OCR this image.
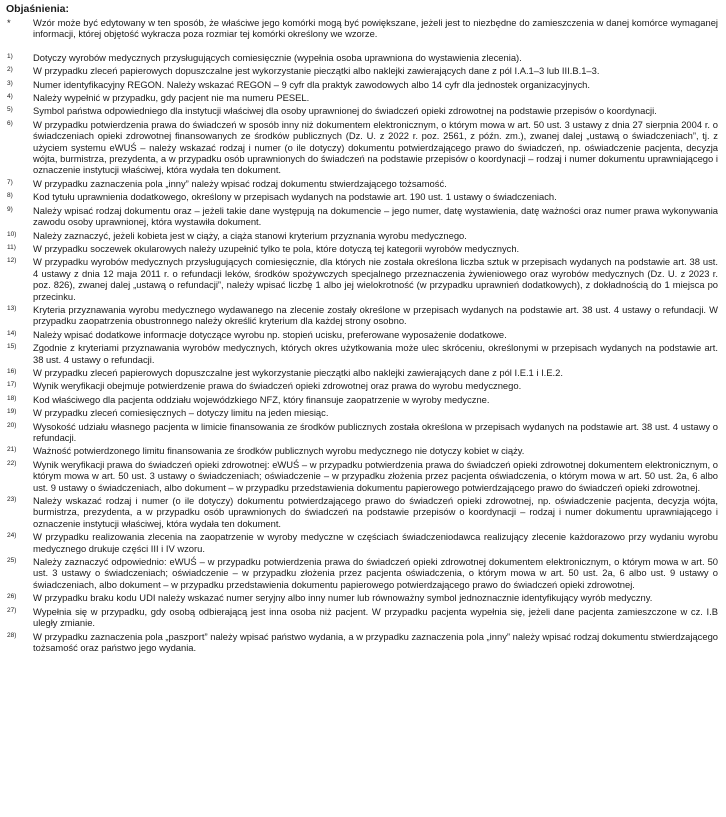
Objaśnienia:
*	Wzór może być edytowany w ten sposób, że właściwe jego komórki mogą być powiększane, jeżeli jest to niezbędne do zamieszczenia w danej komórce wymaganej informacji, której objętość wykracza poza rozmiar tej komórki określony we wzorze.
1)	Dotyczy wyrobów medycznych przysługujących comiesięcznie (wypełnia osoba uprawniona do wystawienia zlecenia).
2)	W przypadku zleceń papierowych dopuszczalne jest wykorzystanie pieczątki albo naklejki zawierających dane z pól I.A.1–3 lub III.B.1–3.
3)	Numer identyfikacyjny REGON. Należy wskazać REGON – 9 cyfr dla praktyk zawodowych albo 14 cyfr dla jednostek organizacyjnych.
4)	Należy wypełnić w przypadku, gdy pacjent nie ma numeru PESEL.
5)	Symbol państwa odpowiedniego dla instytucji właściwej dla osoby uprawnionej do świadczeń opieki zdrowotnej na podstawie przepisów o koordynacji.
6)	W przypadku potwierdzenia prawa do świadczeń w sposób inny niż dokumentem elektronicznym, o którym mowa w art. 50 ust. 3 ustawy z dnia 27 sierpnia 2004 r. o świadczeniach opieki zdrowotnej finansowanych ze środków publicznych (Dz. U. z 2022 r. poz. 2561, z późn. zm.), zwanej dalej „ustawą o świadczeniach”, tj. z użyciem systemu eWUŚ – należy wskazać rodzaj i numer (o ile dotyczy) dokumentu potwierdzającego prawo do świadczeń, np. oświadczenie pacjenta, decyzja wójta, burmistrza, prezydenta, a w przypadku osób uprawnionych do świadczeń na podstawie przepisów o koordynacji – rodzaj i numer dokumentu uprawniającego i oznaczenie instytucji właściwej, która wydała ten dokument.
7)	W przypadku zaznaczenia pola „inny” należy wpisać rodzaj dokumentu stwierdzającego tożsamość.
8)	Kod tytułu uprawnienia dodatkowego, określony w przepisach wydanych na podstawie art. 190 ust. 1 ustawy o świadczeniach.
9)	Należy wpisać rodzaj dokumentu oraz – jeżeli takie dane występują na dokumencie – jego numer, datę wystawienia, datę ważności oraz numer prawa wykonywania zawodu osoby uprawnionej, która wystawiła dokument.
10)	Należy zaznaczyć, jeżeli kobieta jest w ciąży, a ciąża stanowi kryterium przyznania wyrobu medycznego.
11)	W przypadku soczewek okularowych należy uzupełnić tylko te pola, które dotyczą tej kategorii wyrobów medycznych.
12)	W przypadku wyrobów medycznych przysługujących comiesięcznie, dla których nie została określona liczba sztuk w przepisach wydanych na podstawie art. 38 ust. 4 ustawy z dnia 12 maja 2011 r. o refundacji leków, środków spożywczych specjalnego przeznaczenia żywieniowego oraz wyrobów medycznych (Dz. U. z 2023 r. poz. 826), zwanej dalej „ustawą o refundacji”, należy wpisać liczbę 1 albo jej wielokrotność (w przypadku uprawnień dodatkowych), z dokładnością do 1 miejsca po przecinku.
13)	Kryteria przyznawania wyrobu medycznego wydawanego na zlecenie zostały określone w przepisach wydanych na podstawie art. 38 ust. 4 ustawy o refundacji. W przypadku zaopatrzenia obustronnego należy określić kryterium dla każdej strony osobno.
14)	Należy wpisać dodatkowe informacje dotyczące wyrobu np. stopień ucisku, preferowane wyposażenie dodatkowe.
15)	Zgodnie z kryteriami przyznawania wyrobów medycznych, których okres użytkowania może ulec skróceniu, określonymi w przepisach wydanych na podstawie art. 38 ust. 4 ustawy o refundacji.
16)	W przypadku zleceń papierowych dopuszczalne jest wykorzystanie pieczątki albo naklejki zawierających dane z pól I.E.1 i I.E.2.
17)	Wynik weryfikacji obejmuje potwierdzenie prawa do świadczeń opieki zdrowotnej oraz prawa do wyrobu medycznego.
18)	Kod właściwego dla pacjenta oddziału wojewódzkiego NFZ, który finansuje zaopatrzenie w wyroby medyczne.
19)	W przypadku zleceń comiesięcznych – dotyczy limitu na jeden miesiąc.
20)	Wysokość udziału własnego pacjenta w limicie finansowania ze środków publicznych została określona w przepisach wydanych na podstawie art. 38 ust. 4 ustawy o refundacji.
21)	Ważność potwierdzonego limitu finansowania ze środków publicznych wyrobu medycznego nie dotyczy kobiet w ciąży.
22)	Wynik weryfikacji prawa do świadczeń opieki zdrowotnej: eWUŚ – w przypadku potwierdzenia prawa do świadczeń opieki zdrowotnej dokumentem elektronicznym, o którym mowa w art. 50 ust. 3 ustawy o świadczeniach; oświadczenie – w przypadku złożenia przez pacjenta oświadczenia, o którym mowa w art. 50 ust. 2a, 6 albo ust. 9 ustawy o świadczeniach, albo dokument – w przypadku przedstawienia dokumentu papierowego potwierdzającego prawo do świadczeń opieki zdrowotnej.
23)	Należy wskazać rodzaj i numer (o ile dotyczy) dokumentu potwierdzającego prawo do świadczeń opieki zdrowotnej, np. oświadczenie pacjenta, decyzja wójta, burmistrza, prezydenta, a w przypadku osób uprawnionych do świadczeń na podstawie przepisów o koordynacji – rodzaj i numer dokumentu uprawniającego i oznaczenie instytucji właściwej, która wydała ten dokument.
24)	W przypadku realizowania zlecenia na zaopatrzenie w wyroby medyczne w częściach świadczeniodawca realizujący zlecenie każdorazowo przy wydaniu wyrobu medycznego drukuje części III i IV wzoru.
25)	Należy zaznaczyć odpowiednio: eWUŚ – w przypadku potwierdzenia prawa do świadczeń opieki zdrowotnej dokumentem elektronicznym, o którym mowa w art. 50 ust. 3 ustawy o świadczeniach; oświadczenie – w przypadku złożenia przez pacjenta oświadczenia, o którym mowa w art. 50 ust. 2a, 6 albo ust. 9 ustawy o świadczeniach, albo dokument – w przypadku przedstawienia dokumentu papierowego potwierdzającego prawo do świadczeń opieki zdrowotnej.
26)	W przypadku braku kodu UDI należy wskazać numer seryjny albo inny numer lub równoważny symbol jednoznacznie identyfikujący wyrób medyczny.
27)	Wypełnia się w przypadku, gdy osobą odbierającą jest inna osoba niż pacjent. W przypadku pacjenta wypełnia się, jeżeli dane pacjenta zamieszczone w cz. I.B uległy zmianie.
28)	W przypadku zaznaczenia pola „paszport” należy wpisać państwo wydania, a w przypadku zaznaczenia pola „inny” należy wpisać rodzaj dokumentu stwierdzającego tożsamość oraz państwo jego wydania.
